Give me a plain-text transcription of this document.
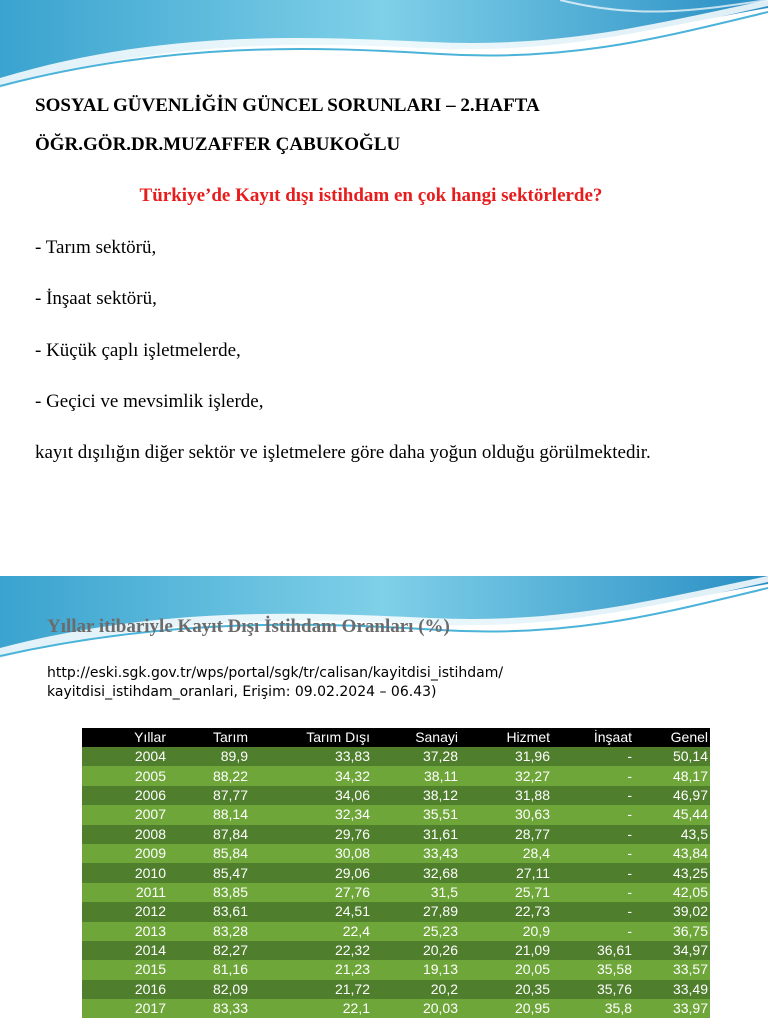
SOSYAL GÜVENLİĞİN GÜNCEL SORUNLARI – 2.HAFTA
ÖĞR.GÖR.DR.MUZAFFER ÇABUKOĞLU
Türkiye’de Kayıt dışı istihdam en çok hangi sektörlerde?
- Tarım sektörü,
- İnşaat sektörü,
- Küçük çaplı işletmelerde,
- Geçici ve mevsimlik işlerde,
kayıt dışılığın diğer sektör ve işletmelere göre daha yoğun olduğu görülmektedir.
Yıllar itibariyle Kayıt Dışı İstihdam Oranları (%)
http://eski.sgk.gov.tr/wps/portal/sgk/tr/calisan/kayitdisi_istihdam/
kayitdisi_istihdam_oranlari, Erişim: 09.02.2024 – 06.43)
Yıllar	Tarım	Tarım Dışı	Sanayi	Hizmet	İnşaat	Genel
2004	89,9	33,83	37,28	31,96	-	50,14
2005	88,22	34,32	38,11	32,27	-	48,17
2006	87,77	34,06	38,12	31,88	-	46,97
2007	88,14	32,34	35,51	30,63	-	45,44
2008	87,84	29,76	31,61	28,77	-	43,5
2009	85,84	30,08	33,43	28,4	-	43,84
2010	85,47	29,06	32,68	27,11	-	43,25
2011	83,85	27,76	31,5	25,71	-	42,05
2012	83,61	24,51	27,89	22,73	-	39,02
2013	83,28	22,4	25,23	20,9	-	36,75
2014	82,27	22,32	20,26	21,09	36,61	34,97
2015	81,16	21,23	19,13	20,05	35,58	33,57
2016	82,09	21,72	20,2	20,35	35,76	33,49
2017	83,33	22,1	20,03	20,95	35,8	33,97
